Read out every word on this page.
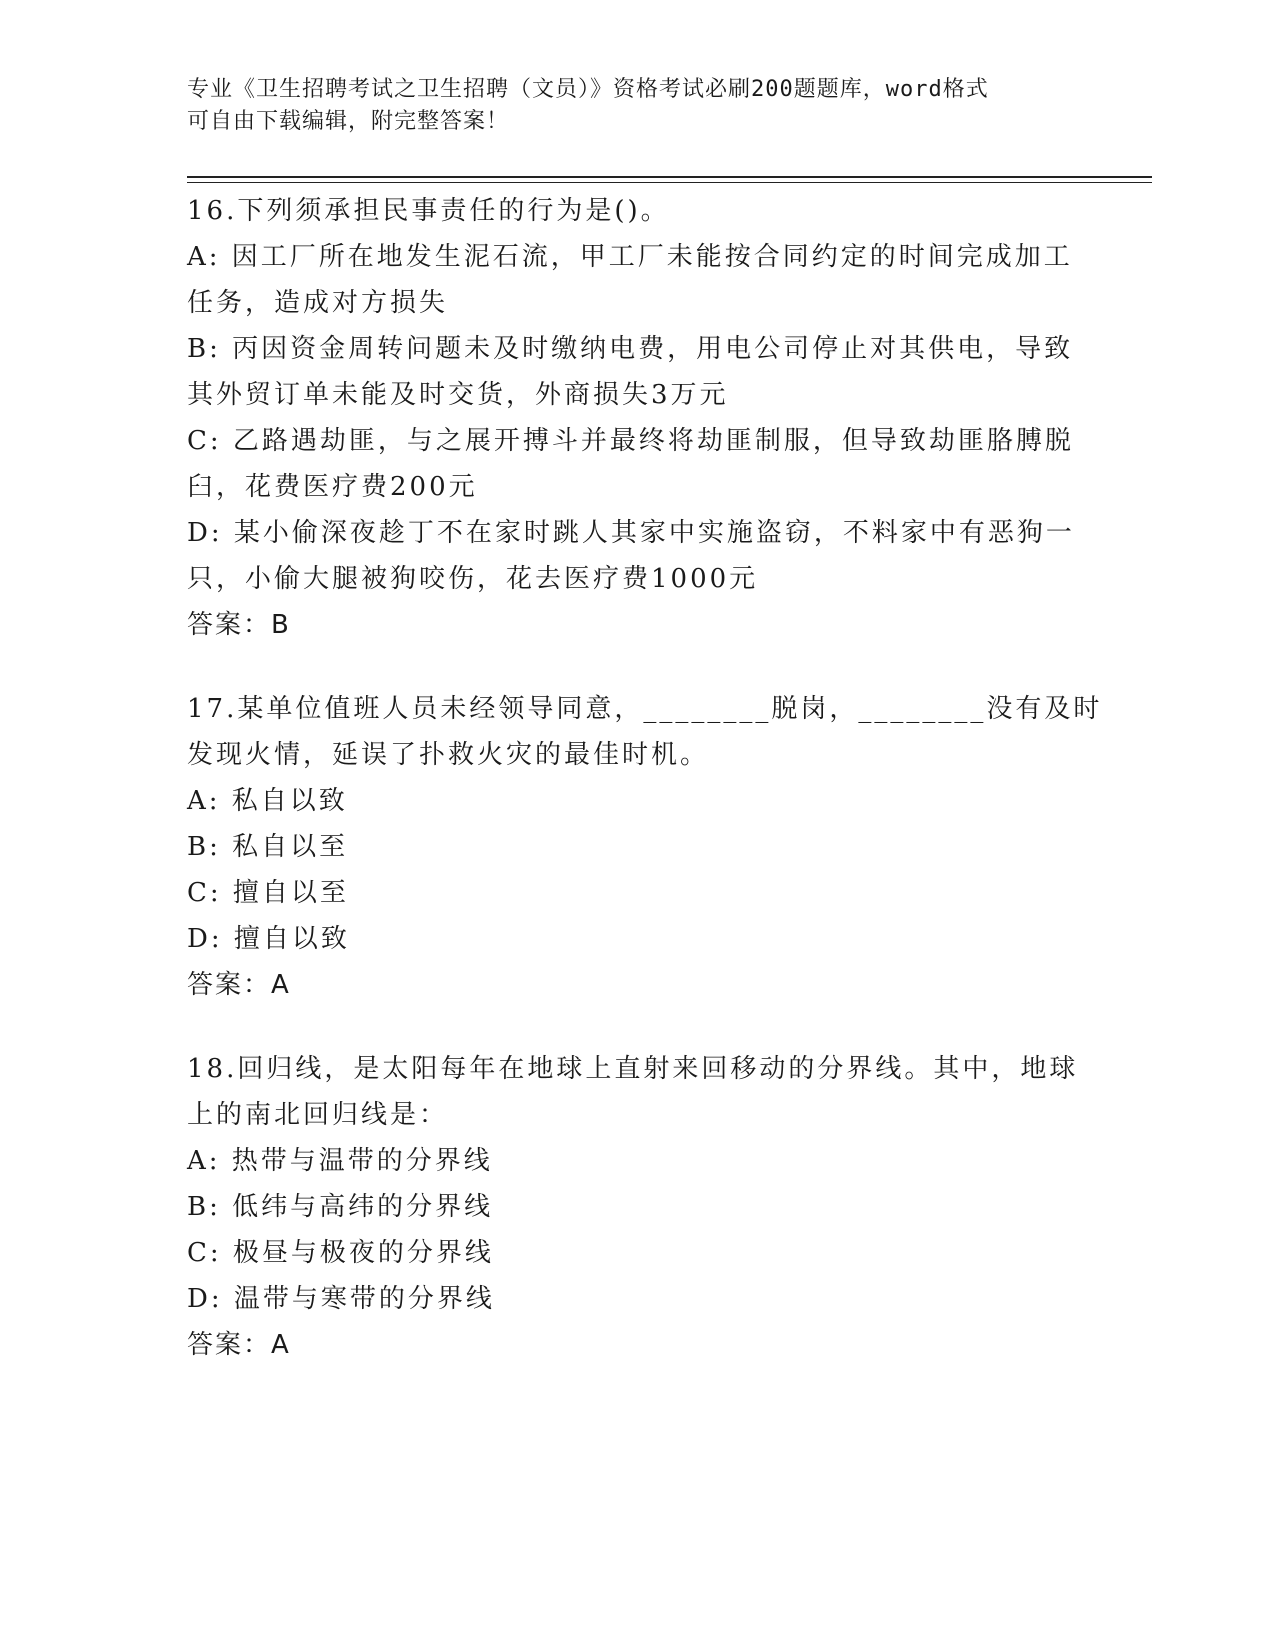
专业《卫生招聘考试之卫生招聘（文员）》资格考试必刷200题题库，word格式
可自由下载编辑，附完整答案！
16.下列须承担民事责任的行为是()。
A: 因工厂所在地发生泥石流，甲工厂未能按合同约定的时间完成加工
任务，造成对方损失
B: 丙因资金周转问题未及时缴纳电费，用电公司停止对其供电，导致
其外贸订单未能及时交货，外商损失3万元
C: 乙路遇劫匪，与之展开搏斗并最终将劫匪制服，但导致劫匪胳膊脱
臼，花费医疗费200元
D: 某小偷深夜趁丁不在家时跳人其家中实施盗窃，不料家中有恶狗一
只，小偷大腿被狗咬伤，花去医疗费1000元
答案：B
17.某单位值班人员未经领导同意，________脱岗，________没有及时
发现火情，延误了扑救火灾的最佳时机。
A: 私自以致
B: 私自以至
C: 擅自以至
D: 擅自以致
答案：A
18.回归线，是太阳每年在地球上直射来回移动的分界线。其中，地球
上的南北回归线是：
A: 热带与温带的分界线
B: 低纬与高纬的分界线
C: 极昼与极夜的分界线
D: 温带与寒带的分界线
答案：A
